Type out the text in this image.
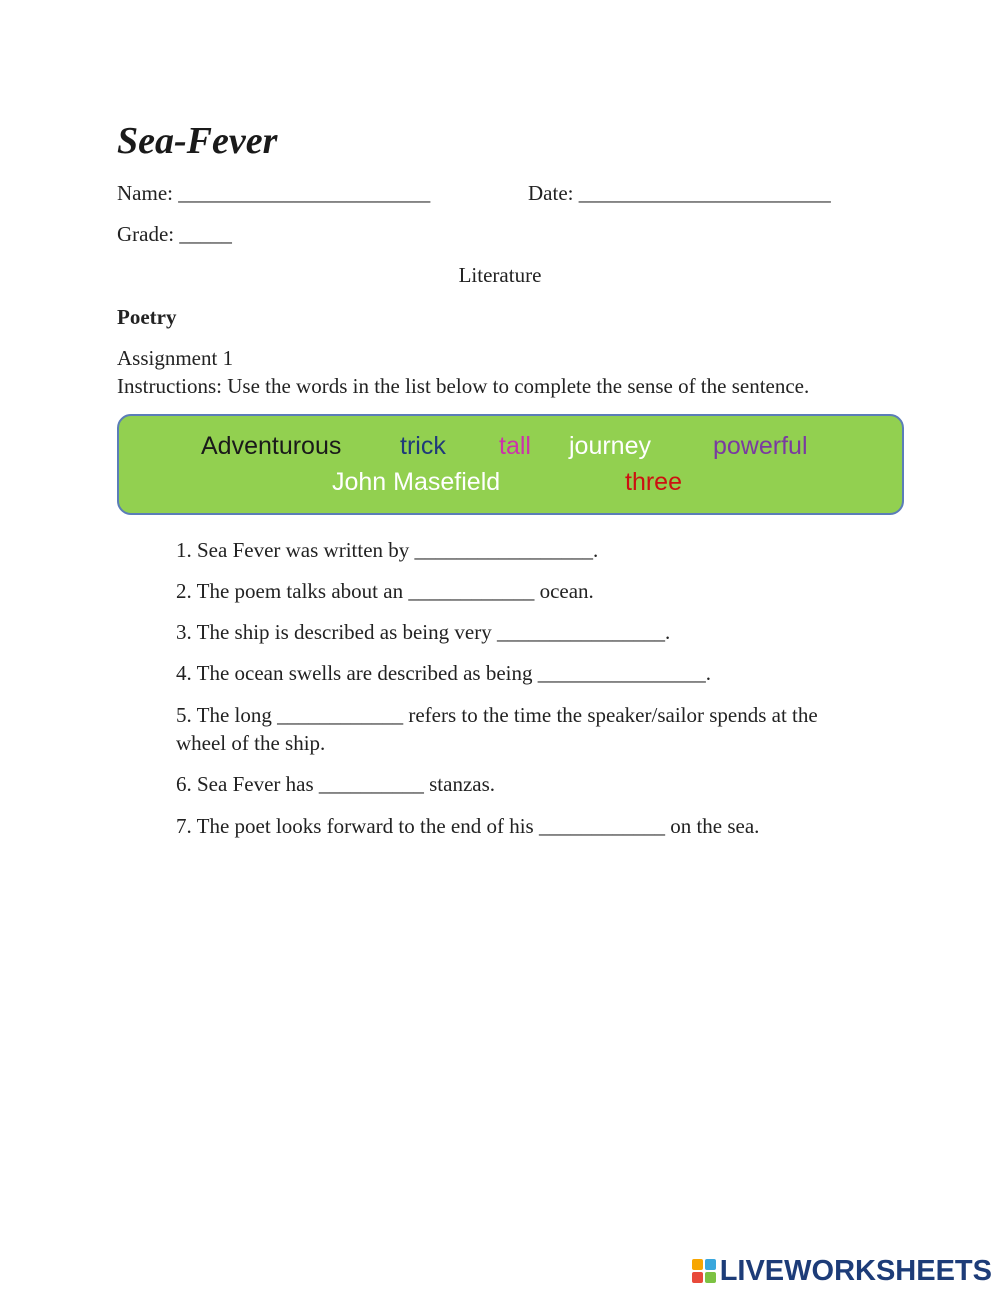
Sea-Fever
Name: ________________________	Date: ________________________
Grade: _____
Literature
Poetry
Assignment 1
Instructions: Use the words in the list below to complete the sense of the sentence.
Adventurous trick tall journey powerful
John Masefield	three
1. Sea Fever was written by _________________.
2. The poem talks about an ____________ ocean.
3. The ship is described as being very ________________.
4. The ocean swells are described as being ________________.
5. The long ____________ refers to the time the speaker/sailor spends at the
wheel of the ship.
6. Sea Fever has __________ stanzas.
7. The poet looks forward to the end of his ____________ on the sea.
LIVEWORKSHEETS
